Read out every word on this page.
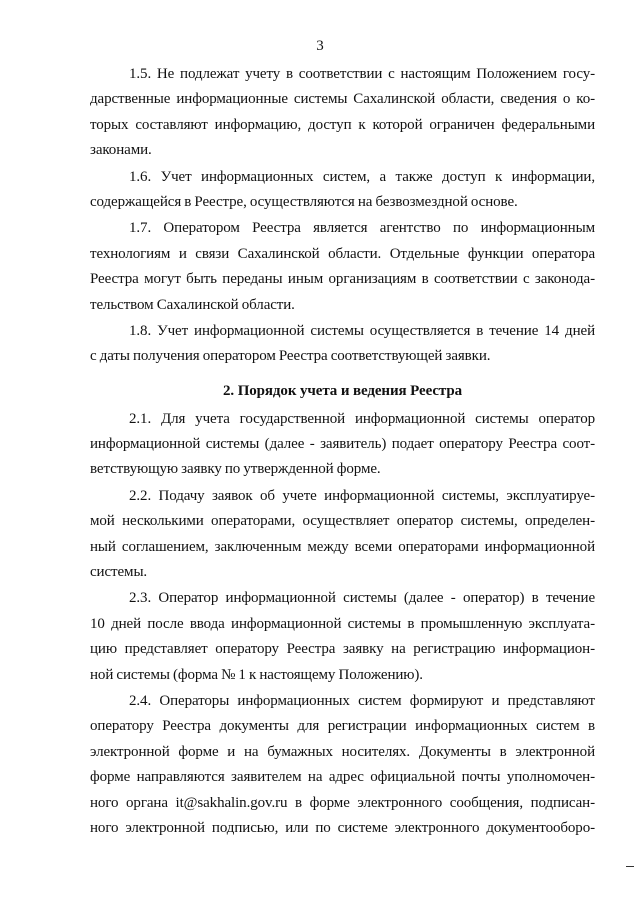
3
1.5. Не подлежат учету в соответствии с настоящим Положением госу-
дарственные информационные системы Сахалинской области, сведения о ко-
торых составляют информацию, доступ к которой ограничен федеральными
законами.
1.6. Учет информационных систем, а также доступ к информации,
содержащейся в Реестре, осуществляются на безвозмездной основе.
1.7. Оператором Реестра является агентство по информационным
технологиям и связи Сахалинской области. Отдельные функции оператора
Реестра могут быть переданы иным организациям в соответствии с законода-
тельством Сахалинской области.
1.8. Учет информационной системы осуществляется в течение 14 дней
с даты получения оператором Реестра соответствующей заявки.
2. Порядок учета и ведения Реестра
2.1. Для учета государственной информационной системы оператор
информационной системы (далее - заявитель) подает оператору Реестра соот-
ветствующую заявку по утвержденной форме.
2.2. Подачу заявок об учете информационной системы, эксплуатируе-
мой несколькими операторами, осуществляет оператор системы, определен-
ный соглашением, заключенным между всеми операторами информационной
системы.
2.3. Оператор информационной системы (далее - оператор) в течение
10 дней после ввода информационной системы в промышленную эксплуата-
цию представляет оператору Реестра заявку на регистрацию информацион-
ной системы (форма № 1 к настоящему Положению).
2.4. Операторы информационных систем формируют и представляют
оператору Реестра документы для регистрации информационных систем в
электронной форме и на бумажных носителях. Документы в электронной
форме направляются заявителем на адрес официальной почты уполномочен-
ного органа it@sakhalin.gov.ru в форме электронного сообщения, подписан-
ного электронной подписью, или по системе электронного документооборо-
